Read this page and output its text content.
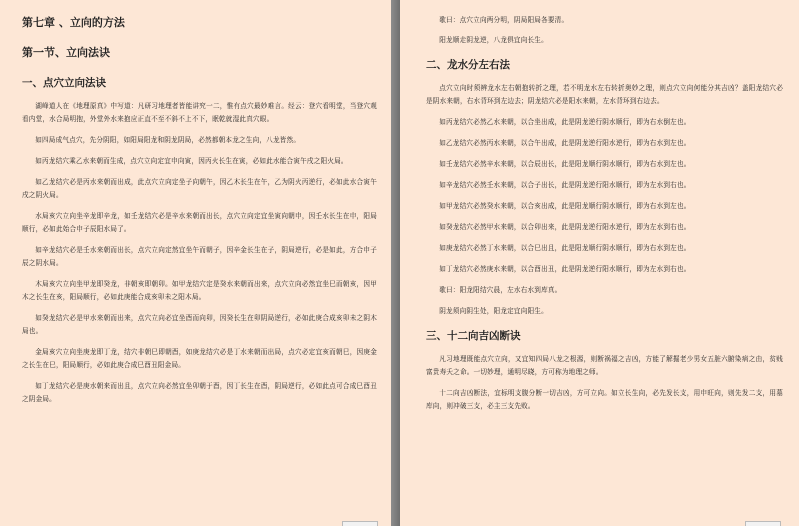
第七章 、立向的方法
第一节、立向法诀
一、点穴立向法诀

湖峰道人在《地理原真》中写道：凡研习地理者皆能讲究一二，惟有点穴最妙难言。经云：登穴看明堂，当登穴观看内堂，水合局明抱，外堂外水来抱应正直不至不斜不上不下，眠乾就湿此真穴眼。

如四局成气点穴，先分阴阳，如阳局阳龙和阴龙阴局，必然都朝本龙之生向，八龙皆然。

如丙龙结穴乘乙水来朝而生成，点穴立向定宜申向寅，因丙火长生在寅，必如此水能合寅午戌之阳火局。

如乙龙结穴必是丙水来朝而出成，此点穴立向定坐子向朝午，因乙木长生在午，乙为阴火丙逆行，必如此水合寅午戌之阴火局。

水局亥穴立向坐辛龙即辛龙，如壬龙结穴必是辛水来朝而出长，点穴立向定宜坐寅向朝申，因壬水长生在申，阳局顺行，必如此始合申子辰阳水局了。

如辛龙结穴必是壬水来朝而出长，点穴立向定然宜坐午而朝子，因辛金长生在子，阴局逆行，必是如此，方合申子辰之阴水局。

木局亥穴立向坐甲龙即癸龙，非朝亥即朝卯。如甲龙结穴定是癸水来朝而出来，点穴立向必然宜坐巳而朝亥，因甲木之长生在亥，阳局顺行，必如此庚能合成亥卯未之阳木局。

如癸龙结穴必是甲水来朝而出来，点穴立向必宜坐酉而向卯，因癸长生在卯阴局逆行，必如此庚合成亥卯未之阴木局也。

金局亥穴立向坐庚龙即丁龙，结穴非朝巳即朝酉，如庚龙结穴必是丁水来朝而出局，点穴必定宜亥而朝巳，因庚金之长生在巳，阳局顺行，必如此庚合成巳酉丑阳金局。

如丁龙结穴必是庚水朝来而出且，点穴立向必然宜坐卯朝于酉，因丁长生在酉，阴局逆行，必如此点可合成巳酉丑之阴金局。

歌曰：点穴立向两分明，阴局阳局各要清。

阳龙顺走阴龙逆，八龙俱宜向长生。

二、龙水分左右法

点穴立向时须辨龙水左右朝抱转折之理，若不明龙水左右转折奥妙之理，则点穴立向何能分其吉凶？盖阳龙结穴必是阴水来朝，右水背环到左边去；阴龙结穴必是阳水来朝，左水背环到右边去。

如丙龙结穴必然乙水来朝，以合坐出成，此是阴龙逆行阴水顺行，即为右水倒左也。

如乙龙结穴必然丙水来朝，以合午出成，此是阴龙逆行阳水逆行，即为右水到左也。

如壬龙结穴必然辛水来朝，以合辰出长，此是阳龙顺行阴水顺行，即为右水到左也。

如辛龙结穴必然壬水来朝，以合子出长，此是阴龙逆行阳水顺行，即为左水到右也。

如甲龙结穴必然癸水来朝，以合亥出成，此是阳龙顺行阴水顺行，即为右水到左也。

如癸龙结穴必然甲水来朝，以合卯出来，此是阴龙逆行阳水逆行，即为左水到右也。

如庚龙结穴必然丁水来朝，以合巳出且，此是阳龙顺行阴水顺行，即为右水到左也。

如丁龙结穴必然庚水来朝，以合酉出丑，此是阴龙逆行阳水顺行，即为左水到右也。

歌曰：阳龙阳结穴晨，左水右水到库真。

阴龙须向阴生处，阳龙定宜向阳生。

三、十二向吉凶断诀

凡习地理既能点穴立向，又宜知四局八龙之根源，则断祸福之吉凶，方能了解掘老少男女五脏六腑染病之由，贫贱富贵寿夭之命。一切妙理，通明尽晓，方可称为地理之师。

十二向吉凶断法，宜标明支腹分断一切吉凶，方可立向。如立长生向，必先发长支，用申旺向，则先发二支，用墓库向，则冲破三支，必主三支先败。
